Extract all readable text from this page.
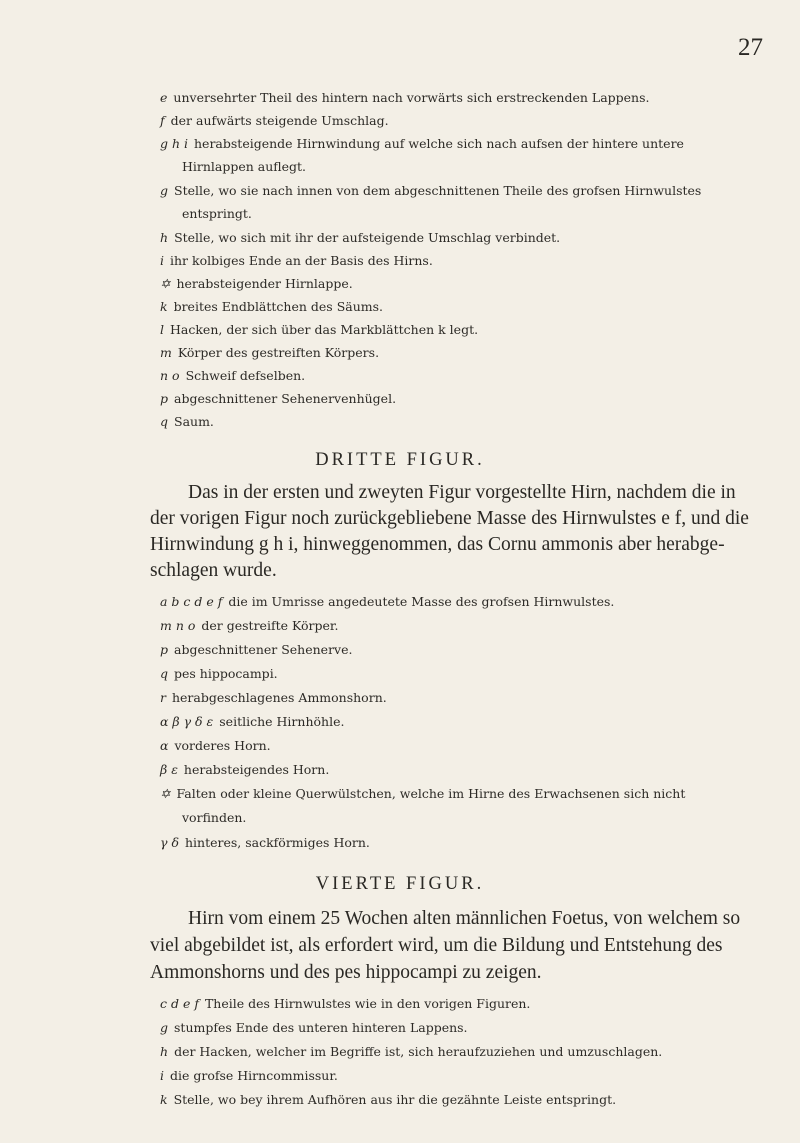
27
e unversehrter Theil des hintern nach vorwärts sich erstreckenden Lappens.
f der aufwärts steigende Umschlag.
g h i herabsteigende Hirnwindung auf welche sich nach aufsen der hintere untere
Hirnlappen auflegt.
g Stelle, wo sie nach innen von dem abgeschnittenen Theile des grofsen Hirnwulstes
entspringt.
h Stelle, wo sich mit ihr der aufsteigende Umschlag verbindet.
i ihr kolbiges Ende an der Basis des Hirns.
✡ herabsteigender Hirnlappe.
k breites Endblättchen des Säums.
l Hacken, der sich über das Markblättchen k legt.
m Körper des gestreiften Körpers.
n o Schweif defselben.
p abgeschnittener Sehenervenhügel.
q Saum.
DRITTE FIGUR.
Das in der ersten und zweyten Figur vorgestellte Hirn, nachdem die in
der vorigen Figur noch zurückgebliebene Masse des Hirnwulstes e f, und die
Hirnwindung g h i, hinweggenommen, das Cornu ammonis aber herabge-
schlagen wurde.
a b c d e f die im Umrisse angedeutete Masse des grofsen Hirnwulstes.
m n o der gestreifte Körper.
p abgeschnittener Sehenerve.
q pes hippocampi.
r herabgeschlagenes Ammonshorn.
α β γ δ ε seitliche Hirnhöhle.
α vorderes Horn.
β ε herabsteigendes Horn.
✡ Falten oder kleine Querwülstchen, welche im Hirne des Erwachsenen sich nicht
vorfinden.
γ δ hinteres, sackförmiges Horn.
VIERTE FIGUR.
Hirn vom einem 25 Wochen alten männlichen Foetus, von welchem so
viel abgebildet ist, als erfordert wird, um die Bildung und Entstehung des
Ammonshorns und des pes hippocampi zu zeigen.
c d e f Theile des Hirnwulstes wie in den vorigen Figuren.
g stumpfes Ende des unteren hinteren Lappens.
h der Hacken, welcher im Begriffe ist, sich heraufzuziehen und umzuschlagen.
i die grofse Hirncommissur.
k Stelle, wo bey ihrem Aufhören aus ihr die gezähnte Leiste entspringt.
